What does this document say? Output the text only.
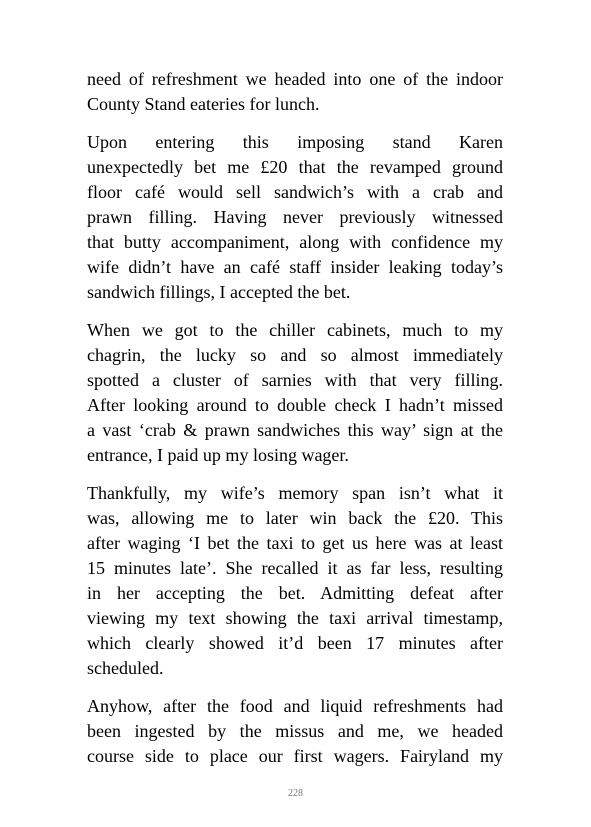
need of refreshment we headed into one of the indoor
County Stand eateries for lunch.
Upon entering this imposing stand Karen
unexpectedly bet me £20 that the revamped ground
floor café would sell sandwich’s with a crab and
prawn filling. Having never previously witnessed
that butty accompaniment, along with confidence my
wife didn’t have an café staff insider leaking today’s
sandwich fillings, I accepted the bet.
When we got to the chiller cabinets, much to my
chagrin, the lucky so and so almost immediately
spotted a cluster of sarnies with that very filling.
After looking around to double check I hadn’t missed
a vast ‘crab & prawn sandwiches this way’ sign at the
entrance, I paid up my losing wager.
Thankfully, my wife’s memory span isn’t what it
was, allowing me to later win back the £20. This
after waging ‘I bet the taxi to get us here was at least
15 minutes late’. She recalled it as far less, resulting
in her accepting the bet. Admitting defeat after
viewing my text showing the taxi arrival timestamp,
which clearly showed it’d been 17 minutes after
scheduled.
Anyhow, after the food and liquid refreshments had
been ingested by the missus and me, we headed
course side to place our first wagers. Fairyland my
228
